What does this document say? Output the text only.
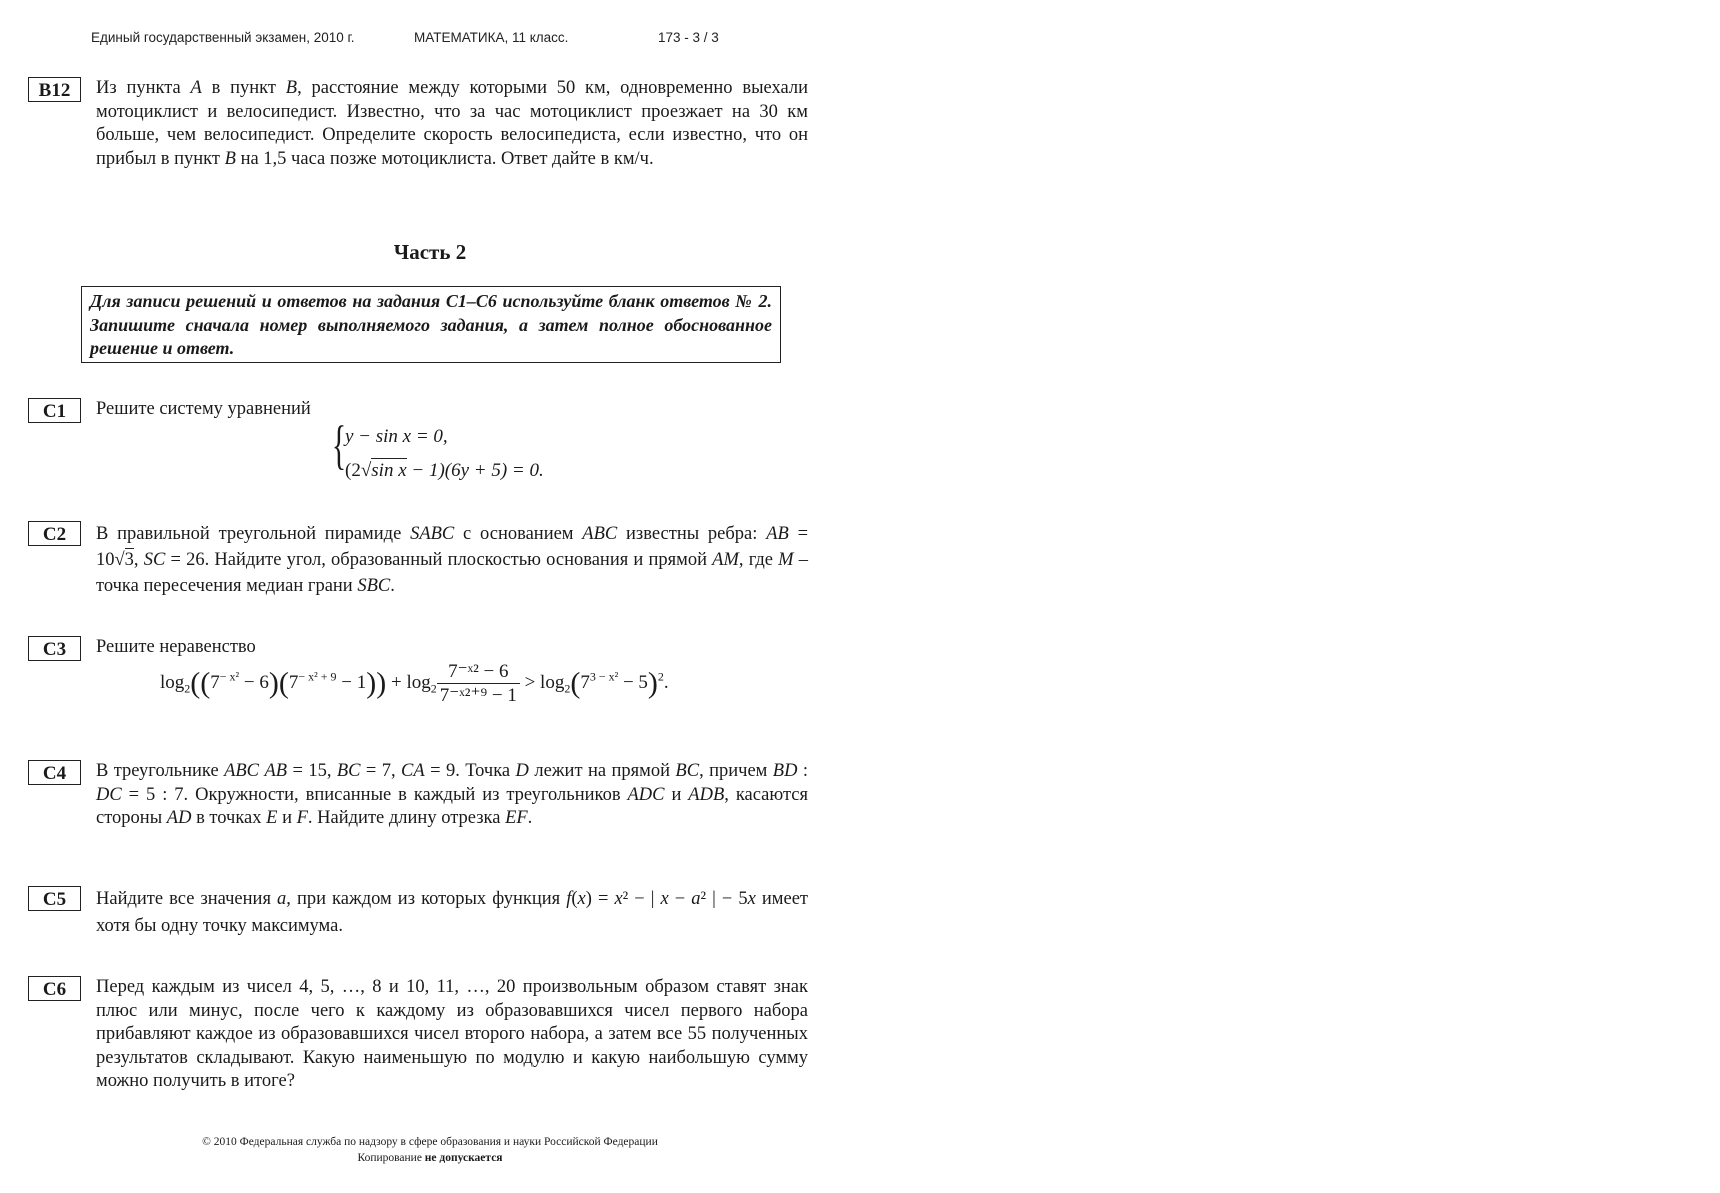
Единый государственный экзамен, 2010 г.	МАТЕМАТИКА, 11 класс.	173 - 3 / 3
B12	Из пункта A в пункт B, расстояние между которыми 50 км, одновременно выехали мотоциклист и велосипедист. Известно, что за час мотоциклист проезжает на 30 км больше, чем велосипедист. Определите скорость велосипедиста, если известно, что он прибыл в пункт B на 1,5 часа позже мотоциклиста. Ответ дайте в км/ч.

Часть 2
Для записи решений и ответов на задания С1–С6 используйте бланк ответов № 2. Запишите сначала номер выполняемого задания, а затем полное обоснованное решение и ответ.
C1	Решите систему уравнений
{
y − sin x = 0,
(2√sin x − 1)(6y + 5) = 0.
C2	В правильной треугольной пирамиде SABC с основанием ABC известны ребра: AB = 10√3, SC = 26. Найдите угол, образованный плоскостью основания и прямой AM, где M – точка пересечения медиан грани SBC.

C3	Решите неравенство
$\log_2((7^{- x^2} - 6)(7^{- x^2 + 9} - 1)) + \log_2 \frac{\text{7⁻ˣ² − 6}}{\text{7⁻ˣ²⁺⁹ − 1}} > \log_2(7^{3 - x^2} - 5)^2$.
C4	В треугольнике ABC AB = 15, BC = 7, CA = 9. Точка D лежит на прямой BC, причем BD : DC = 5 : 7. Окружности, вписанные в каждый из треугольников ADC и ADB, касаются стороны AD в точках E и F. Найдите длину отрезка EF.

C5	Найдите все значения a, при каждом из которых функция f(x) = x² − | x − a² | − 5x имеет хотя бы одну точку максимума.

C6	Перед каждым из чисел 4, 5, …, 8 и 10, 11, …, 20 произвольным образом ставят знак плюс или минус, после чего к каждому из образовавшихся чисел первого набора прибавляют каждое из образовавшихся чисел второго набора, а затем все 55 полученных результатов складывают. Какую наименьшую по модулю и какую наибольшую сумму можно получить в итоге?
© 2010 Федеральная служба по надзору в сфере образования и науки Российской Федерации
Копирование не допускается
